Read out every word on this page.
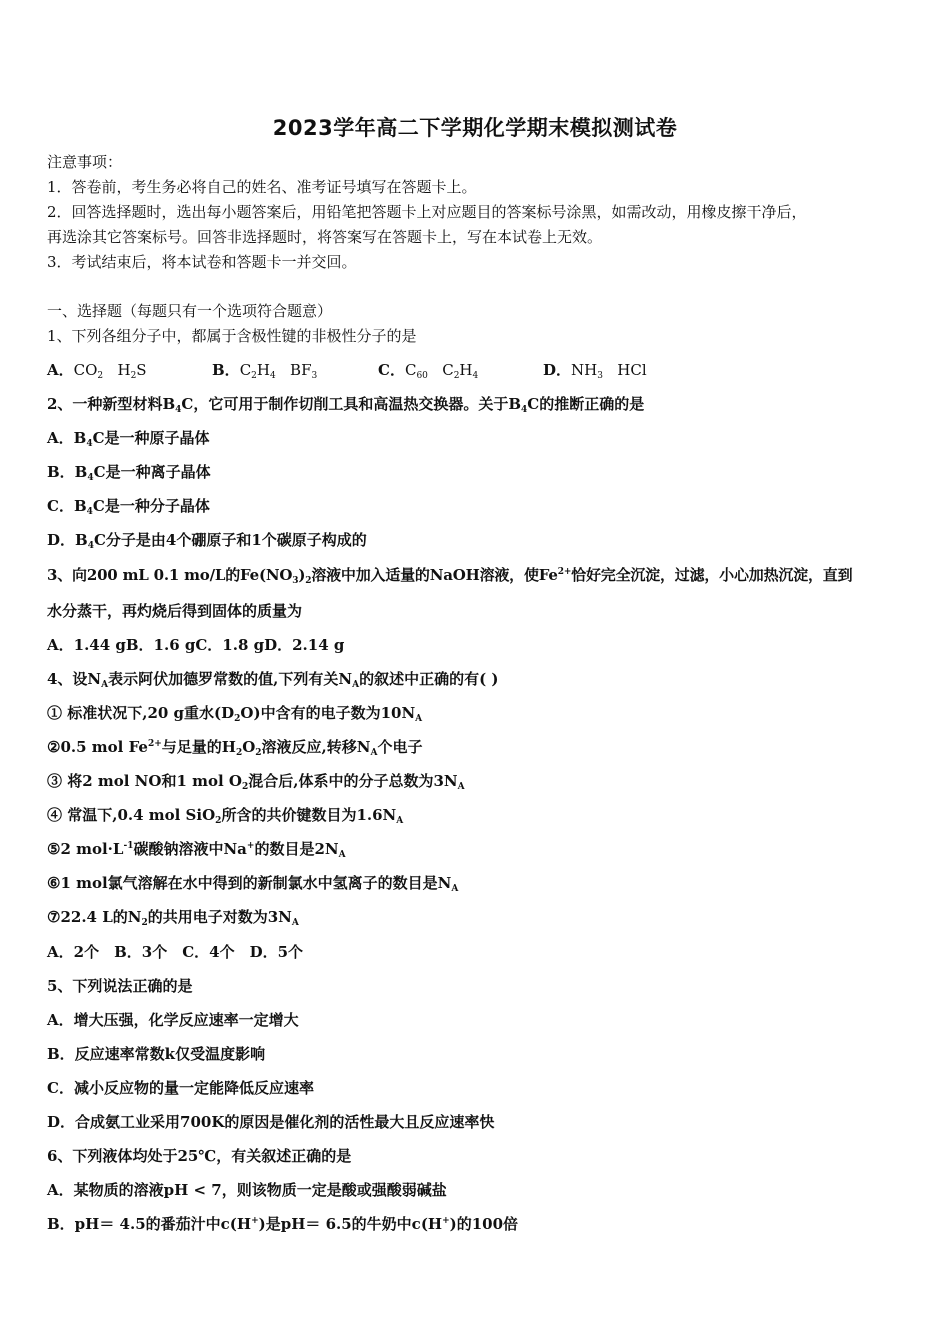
2023学年高二下学期化学期末模拟测试卷
注意事项：
1．答卷前，考生务必将自己的姓名、准考证号填写在答题卡上。
2．回答选择题时，选出每小题答案后，用铅笔把答题卡上对应题目的答案标号涂黑，如需改动，用橡皮擦干净后，
再选涂其它答案标号。回答非选择题时，将答案写在答题卡上，写在本试卷上无效。
3．考试结束后，将本试卷和答题卡一并交回。
一、选择题（每题只有一个选项符合题意）
1、下列各组分子中，都属于含极性键的非极性分子的是
A．$CO_2$ $H_2S$	B．$C_2H_4$ $BF_3$	C．$C_{60}$ $C_2H_4$	D．$NH_3$ HCl
2、一种新型材料$B_4C$，它可用于制作切削工具和高温热交换器。关于$B_4C$的推断正确的是
A．$B_4C$是一种原子晶体
B．$B_4C$是一种离子晶体
C．$B_4C$是一种分子晶体
D．$B_4C$分子是由4个硼原子和1个碳原子构成的
3、向200 mL 0.1 mo/L的$Fe(NO_3)_2$溶液中加入适量的NaOH溶液，使$Fe^{2+}$恰好完全沉淀，过滤，小心加热沉淀，直到
水分蒸干，再灼烧后得到固体的质量为
A．1.44 gB．1.6 gC．1.8 gD．2.14 g
4、设$N_A$表示阿伏加德罗常数的值,下列有关$N_A$的叙述中正确的有( )
① 标准状况下,20 g重水$(D_2O)$中含有的电子数为$10N_A$
②0.5 mol $Fe^{2+}$与足量的$H_2O_2$溶液反应,转移$N_A$个电子
③ 将2 mol NO和1 mol $O_2$混合后,体系中的分子总数为$3N_A$
④ 常温下,0.4 mol SiO$_2$所含的共价键数目为$1.6N_A$
⑤2 $mol\cdot L^{-1}$碳酸钠溶液中Na+的数目是$2N_A$
⑥1 mol氯气溶解在水中得到的新制氯水中氢离子的数目是$N_A$
⑦22.4 L的$N_2$的共用电子对数为$3N_A$
A．2个　B．3个　C．4个　D．5个
5、下列说法正确的是
A．增大压强，化学反应速率一定增大
B．反应速率常数k仅受温度影响
C．减小反应物的量一定能降低反应速率
D．合成氨工业采用700K的原因是催化剂的活性最大且反应速率快
6、下列液体均处于25℃，有关叙述正确的是
A．某物质的溶液pH < 7，则该物质一定是酸或强酸弱碱盐
B．pH＝ 4.5的番茄汁中c(H+)是pH＝ 6.5的牛奶中c(H+)的100倍
